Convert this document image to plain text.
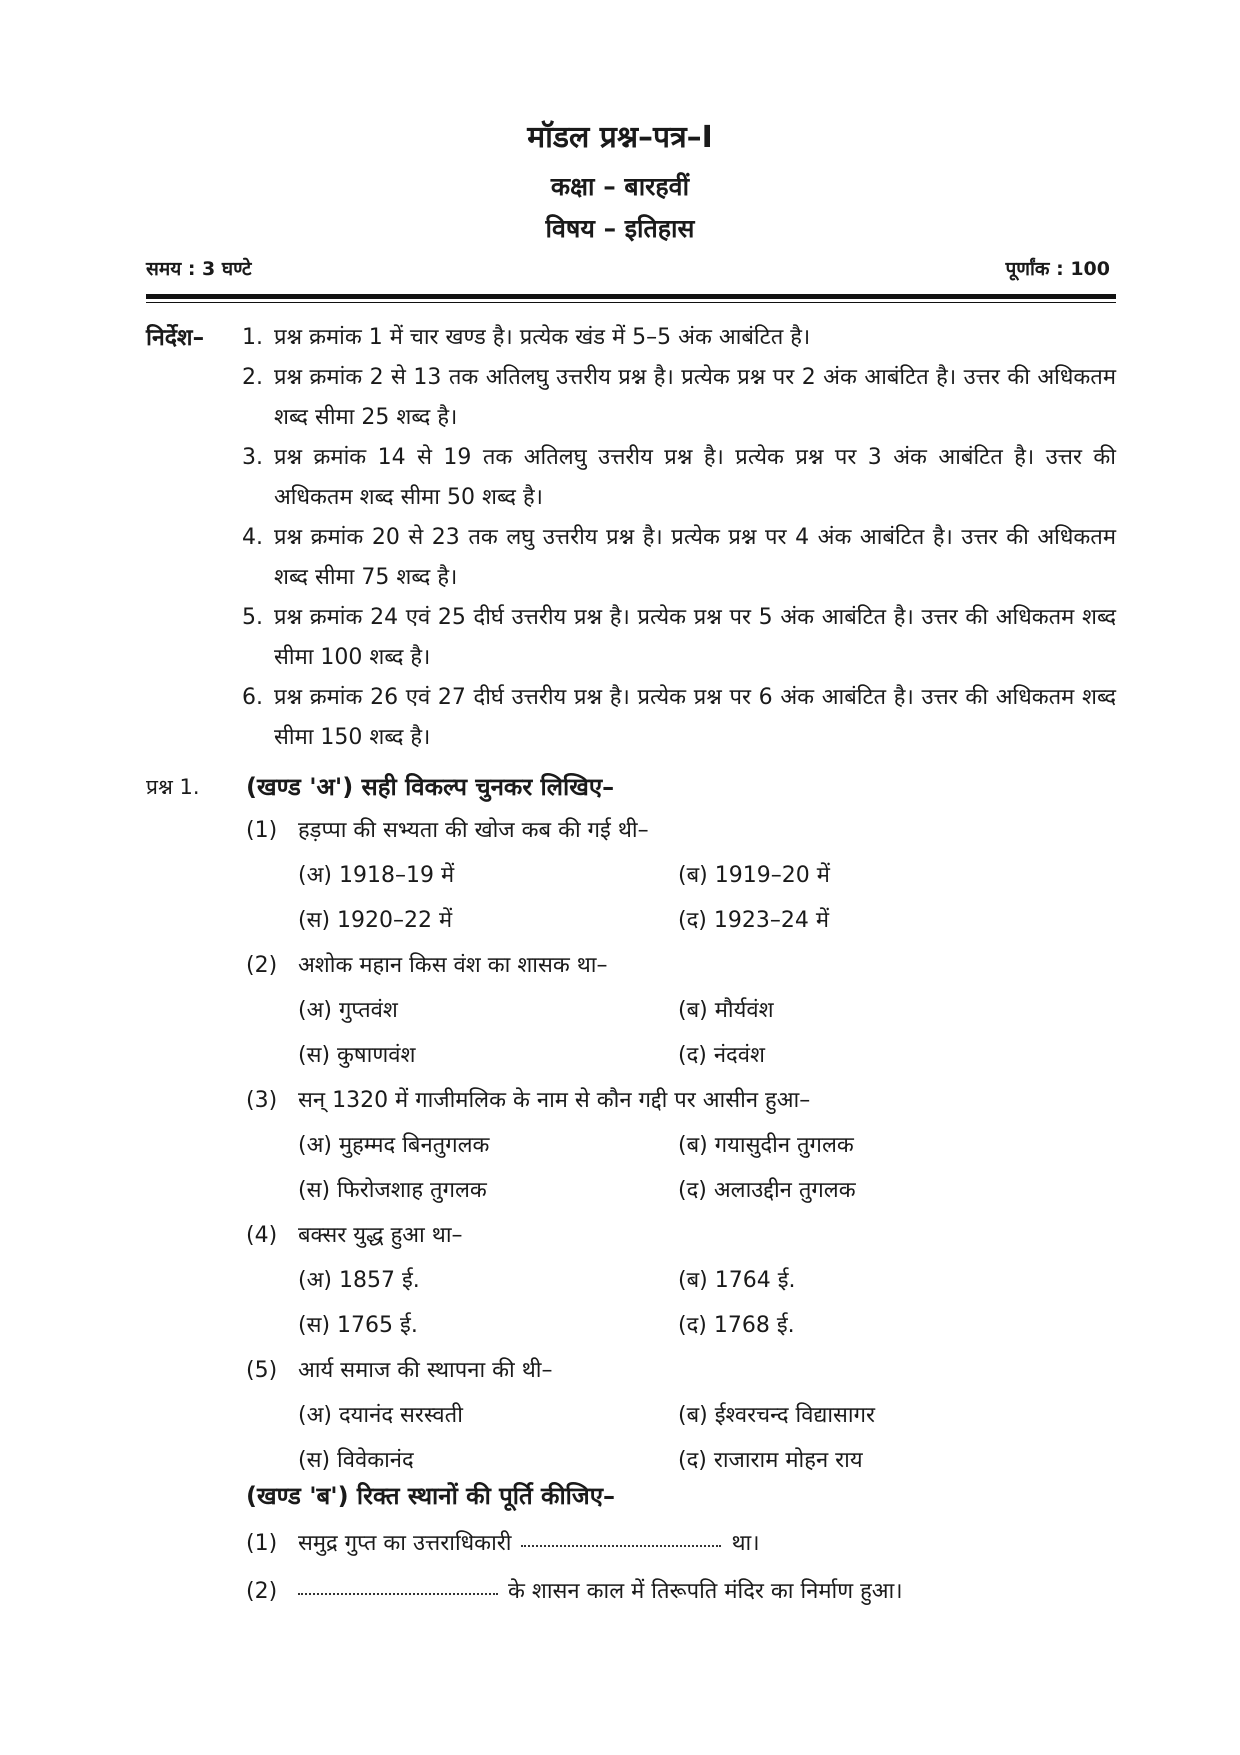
मॉडल प्रश्न–पत्र–I
कक्षा – बारहवीं
विषय – इतिहास
समय : 3 घण्टे	पूर्णांक : 100
निर्देश–	1. प्रश्न क्रमांक 1 में चार खण्ड है। प्रत्येक खंड में 5–5 अंक आबंटित है।
2. प्रश्न क्रमांक 2 से 13 तक अतिलघु उत्तरीय प्रश्न है। प्रत्येक प्रश्न पर 2 अंक आबंटित है। उत्तर की अधिकतम शब्द सीमा 25 शब्द है।
3. प्रश्न क्रमांक 14 से 19 तक अतिलघु उत्तरीय प्रश्न है। प्रत्येक प्रश्न पर 3 अंक आबंटित है। उत्तर की अधिकतम शब्द सीमा 50 शब्द है।
4. प्रश्न क्रमांक 20 से 23 तक लघु उत्तरीय प्रश्न है। प्रत्येक प्रश्न पर 4 अंक आबंटित है। उत्तर की अधिकतम शब्द सीमा 75 शब्द है।
5. प्रश्न क्रमांक 24 एवं 25 दीर्घ उत्तरीय प्रश्न है। प्रत्येक प्रश्न पर 5 अंक आबंटित है। उत्तर की अधिकतम शब्द सीमा 100 शब्द है।
6. प्रश्न क्रमांक 26 एवं 27 दीर्घ उत्तरीय प्रश्न है। प्रत्येक प्रश्न पर 6 अंक आबंटित है। उत्तर की अधिकतम शब्द सीमा 150 शब्द है।
प्रश्न 1.	(खण्ड 'अ') सही विकल्प चुनकर लिखिए–
(1) हड़प्पा की सभ्यता की खोज कब की गई थी–
(अ) 1918–19 में	(ब) 1919–20 में
(स) 1920–22 में	(द) 1923–24 में
(2) अशोक महान किस वंश का शासक था–
(अ) गुप्तवंश	(ब) मौर्यवंश
(स) कुषाणवंश	(द) नंदवंश
(3) सन् 1320 में गाजीमलिक के नाम से कौन गद्दी पर आसीन हुआ–
(अ) मुहम्मद बिनतुगलक	(ब) गयासुदीन तुगलक
(स) फिरोजशाह तुगलक	(द) अलाउद्दीन तुगलक
(4) बक्सर युद्ध हुआ था–
(अ) 1857 ई.	(ब) 1764 ई.
(स) 1765 ई.	(द) 1768 ई.
(5) आर्य समाज की स्थापना की थी–
(अ) दयानंद सरस्वती	(ब) ईश्वरचन्द विद्यासागर
(स) विवेकानंद	(द) राजाराम मोहन राय
(खण्ड 'ब') रिक्त स्थानों की पूर्ति कीजिए–
(1) समुद्र गुप्त का उत्तराधिकारी	था।
(2)	के शासन काल में तिरूपति मंदिर का निर्माण हुआ।
